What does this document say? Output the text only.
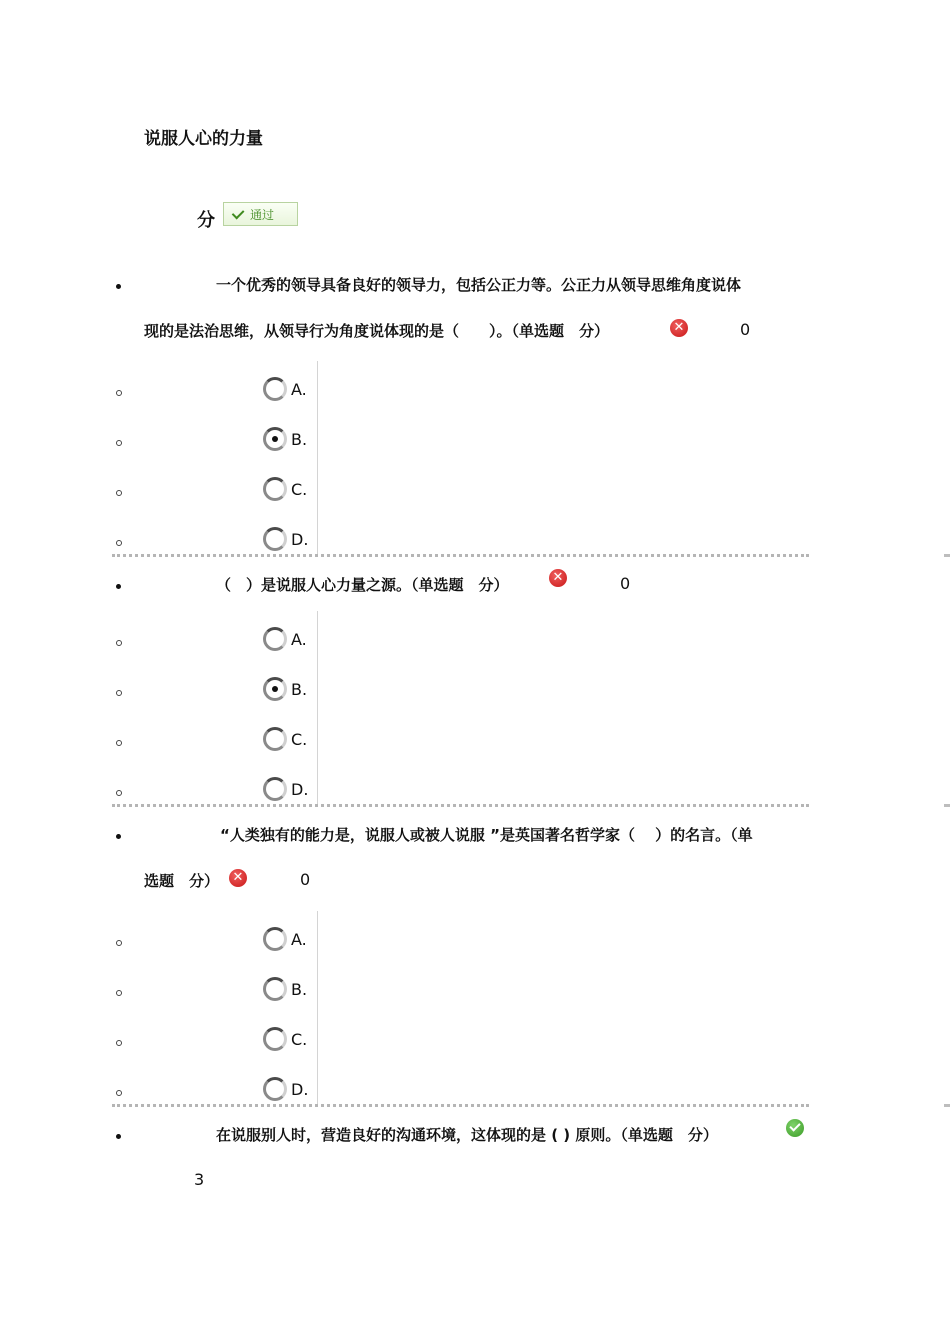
说服人心的力量
分	通过
一个优秀的领导具备良好的领导力，包括公正力等。公正力从领导思维角度说体
现的是法治思维，从领导行为角度说体现的是（　　）。（单选题　分）	✕	0
A.
B.
C.
D.
（　）是说服人心力量之源。（单选题　分）	✕	0
A.
B.
C.
D.
“人类独有的能力是，说服人或被人说服 ”是英国著名哲学家（　 ）的名言。（单
选题　分） ✕	0
A.
B.
C.
D.
在说服别人时，营造良好的沟通环境，这体现的是 ( ) 原则。（单选题　分）
3
